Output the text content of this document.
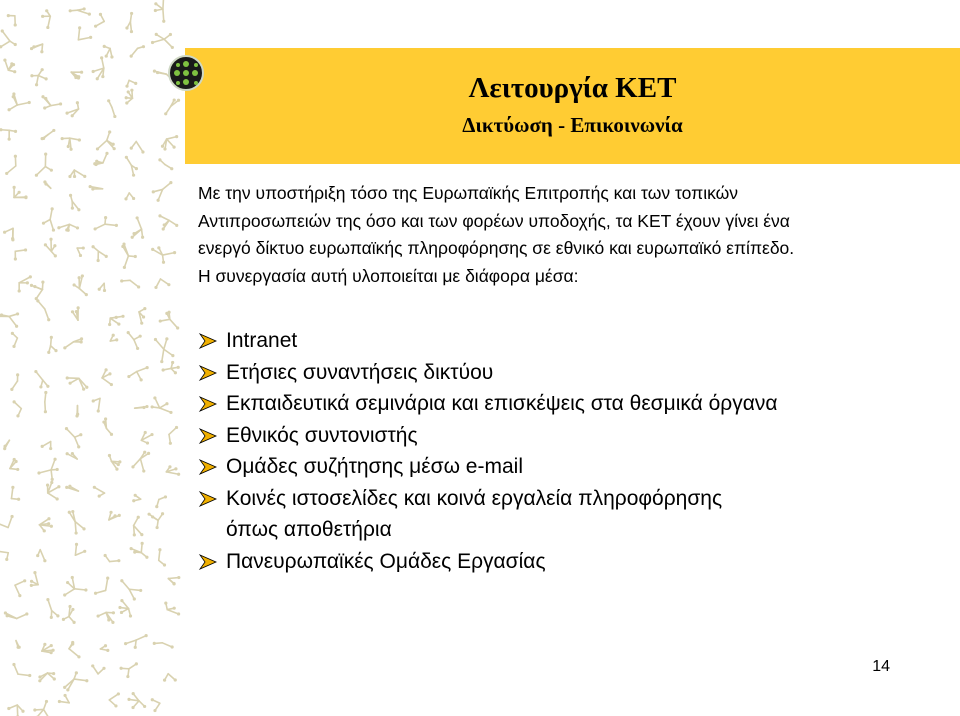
Λειτουργία KET
Δικτύωση - Επικοινωνία

Με την υποστήριξη τόσο της Ευρωπαϊκής Επιτροπής και των τοπικών

Αντιπροσωπειών της όσο και των φορέων υποδοχής, τα ΚΕΤ έχουν γίνει ένα

ενεργό δίκτυο ευρωπαϊκής πληροφόρησης σε εθνικό και ευρωπαϊκό επίπεδο.

Η συνεργασία αυτή υλοποιείται με διάφορα μέσα:

Intranet
Ετήσιες συναντήσεις δικτύου
Εκπαιδευτικά σεμινάρια και επισκέψεις στα θεσμικά όργανα
Εθνικός συντονιστής
Ομάδες συζήτησης μέσω e-mail
Κοινές ιστοσελίδες και κοινά εργαλεία πληροφόρησης
όπως αποθετήρια
Πανευρωπαϊκές Ομάδες Εργασίας
14
